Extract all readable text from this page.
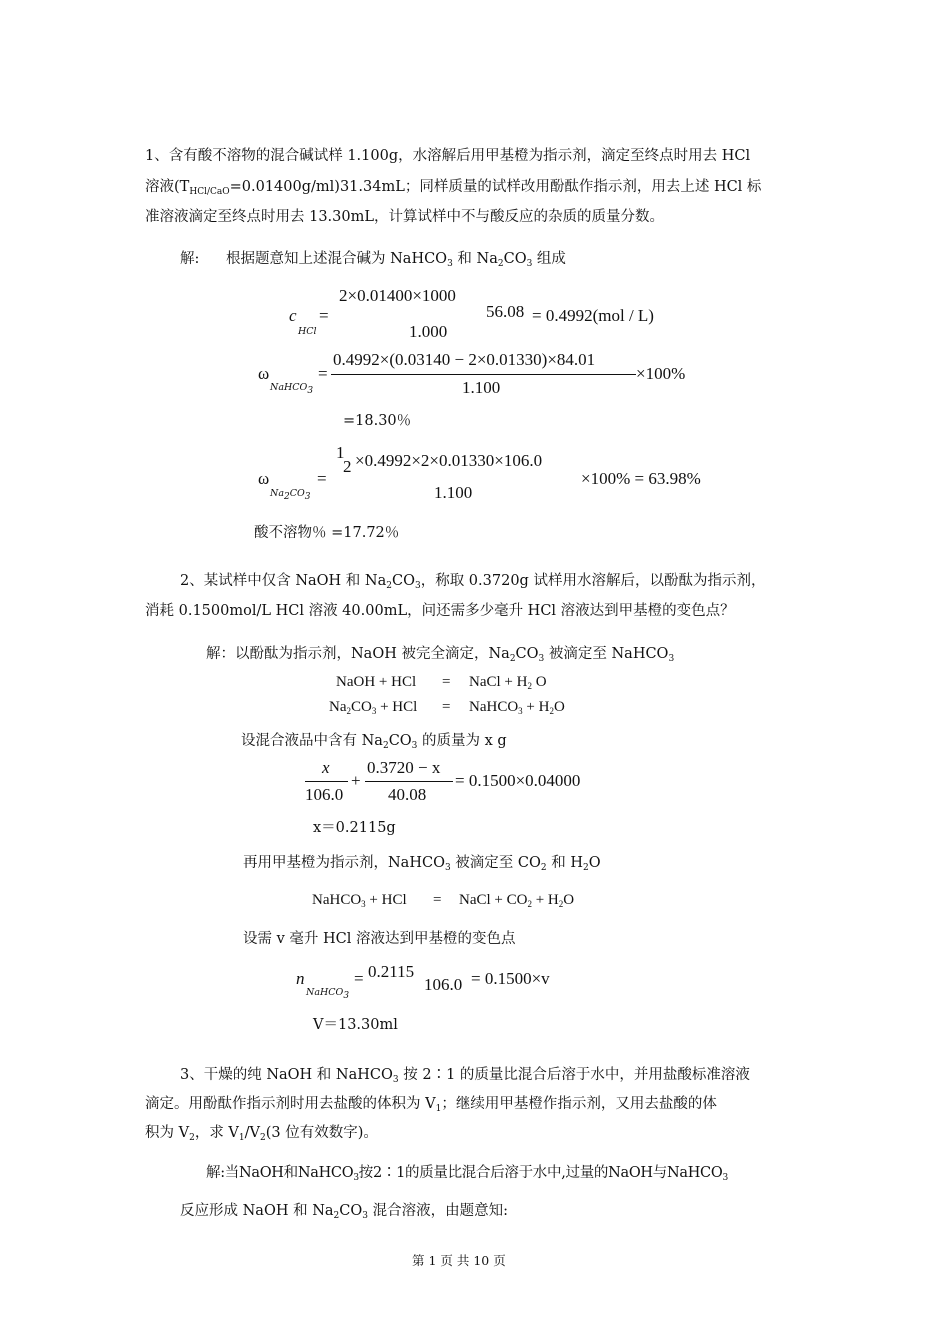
1、含有酸不溶物的混合碱试样 1.100g，水溶解后用甲基橙为指示剂，滴定至终点时用去 HCl
溶液$(T_{HCl/CaO}=0.01400g/ml)31.34mL$；同样质量的试样改用酚酞作指示剂，用去上述 HCl 标
准溶液滴定至终点时用去 13.30mL，计算试样中不与酸反应的杂质的质量分数。
解: 根据题意知上述混合碱为 NaHCO$_3$ 和 $Na_2CO_3$ 组成
c
HCl
=
2×0.01400×1000
1.000
56.08 = 0.4992(mol / L)
ω
NaHCO$_3$
=
0.4992×(0.03140 − 2×0.01330)×84.01
1.100
×100%
=18.30％
ω
$Na_2CO_3$
=
1
2 ×0.4992×2×0.01330×106.0
1.100
×100% = 63.98%
酸不溶物％ =17.72％
2、某试样中仅含 NaOH 和 $Na_2CO_3$，称取 0.3720g 试样用水溶解后，以酚酞为指示剂，
消耗 0.1500mol/L HCl 溶液 40.00mL，问还需多少毫升 HCl 溶液达到甲基橙的变色点？
解：以酚酞为指示剂，NaOH 被完全滴定，$Na_2CO_3$ 被滴定至 NaHCO$_3$
NaOH + HCl = NaCl + $H_2$ O
$Na_2CO_3$ + HCl = NaHCO$_3$ + $H_2O$
设混合液品中含有 $Na_2CO_3$ 的质量为 x g
x
106.0
+
0.3720 − x
40.08
= 0.1500×0.04000
x＝0.2115g
再用甲基橙为指示剂，NaHCO$_3$ 被滴定至 $CO_2$ 和 $H_2O$
NaHCO$_3$ + HCl = NaCl + $CO_2 + H_2O$
设需 v 毫升 HCl 溶液达到甲基橙的变色点
n
NaHCO$_3$
= 0.2115
106.0 = 0.1500×v
V＝13.30ml
3、干燥的纯 NaOH 和 NaHCO$_3$ 按 2∶1 的质量比混合后溶于水中，并用盐酸标准溶液
滴定。用酚酞作指示剂时用去盐酸的体积为 $V_1$；继续用甲基橙作指示剂，又用去盐酸的体
积为 $V_2$，求 $V_1/V_2(3$ 位有效数字)。
解:当NaOH和NaHCO$_3$按2∶1的质量比混合后溶于水中,过量的NaOH与NaHCO$_3$
反应形成 NaOH 和 $Na_2CO_3$ 混合溶液，由题意知:
第 1 页 共 10 页
